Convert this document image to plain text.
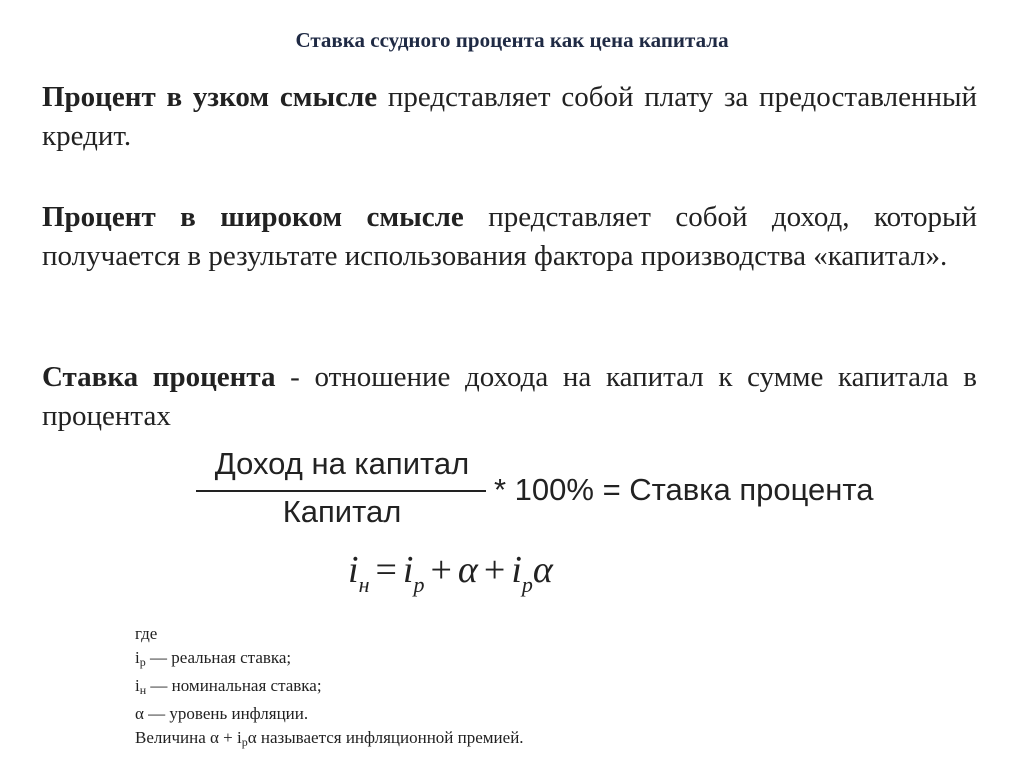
Ставка ссудного процента как цена капитала
Процент в узком смысле представляет собой плату за предоставленный кредит.
Процент в широком смысле представляет собой доход, который получается в результате использования фактора производства «капитал».
Ставка процента - отношение дохода на капитал к сумме капитала в процентах
Доход на капитал
Капитал
* 100% = Ставка процента
$i_н = i_p + \alpha + i_p\alpha$
где
$i_р$ — реальная ставка;
$i_н$ — номинальная ставка;
α — уровень инфляции.
Величина $\alpha + i_р\alpha$ называется инфляционной премией.
